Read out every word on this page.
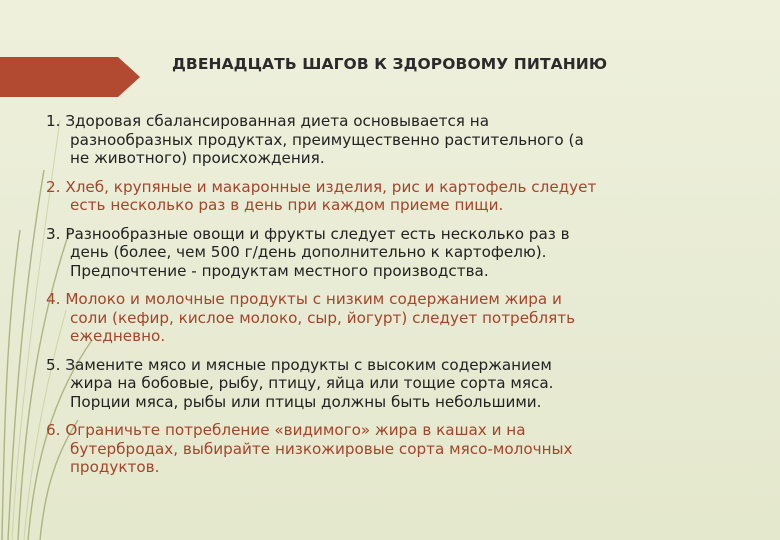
ДВЕНАДЦАТЬ ШАГОВ К ЗДОРОВОМУ ПИТАНИЮ
1. Здоровая сбалансированная диета основывается на
разнообразных продуктах, преимущественно растительного (а
не животного) происхождения.
2. Хлеб, крупяные и макаронные изделия, рис и картофель следует
есть несколько раз в день при каждом приеме пищи.
3. Разнообразные овощи и фрукты следует есть несколько раз в
день (более, чем 500 г/день дополнительно к картофелю).
Предпочтение - продуктам местного производства.
4. Молоко и молочные продукты с низким содержанием жира и
соли (кефир, кислое молоко, сыр, йогурт) следует потреблять
ежедневно.
5. Замените мясо и мясные продукты с высоким содержанием
жира на бобовые, рыбу, птицу, яйца или тощие сорта мяса.
Порции мяса, рыбы или птицы должны быть небольшими.
6. Ограничьте потребление «видимого» жира в кашах и на
бутербродах, выбирайте низкожировые сорта мясо-молочных
продуктов.
